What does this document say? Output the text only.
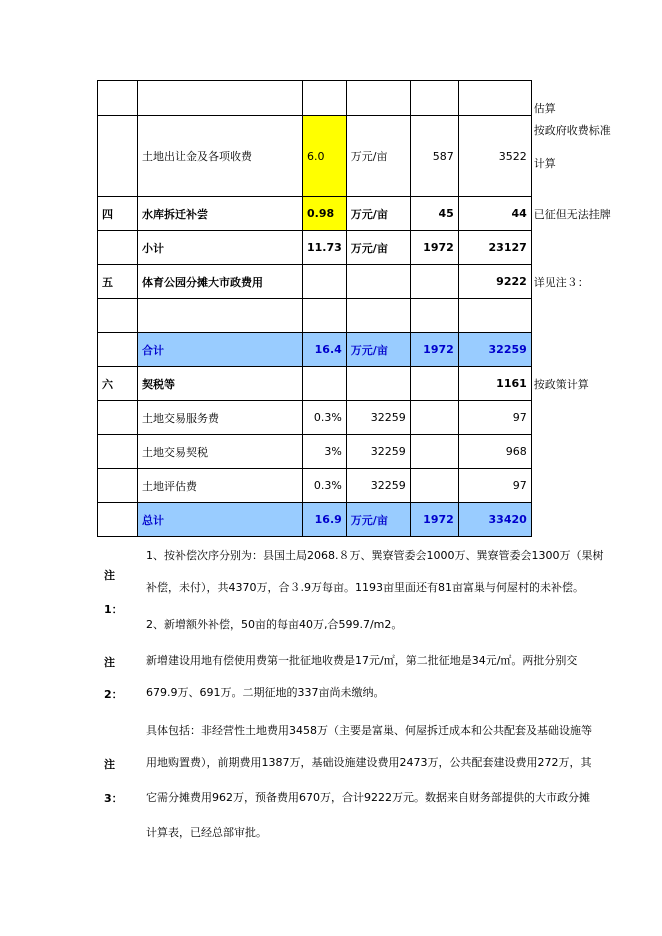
						估算
	土地出让金及各项收费	6.0	万元/亩	587	3522	按政府收费标准
计算

四	水库拆迁补尝	0.98	万元/亩	45	44	已征但无法挂牌
	小计	11.73	万元/亩	1972	23127	
五	体育公园分摊大市政费用				9222	详见注３：

	合计	16.4	万元/亩	1972	32259	
六	契税等				1161	按政策计算
	土地交易服务费	0.3%	32259		97	
	土地交易契税	3%	32259		968	
	土地评估费	0.3%	32259		97	
	总计	16.9	万元/亩	1972	33420	
注
1：
1、按补偿次序分别为：县国土局2068.８万、巽寮管委会1000万、巽寮管委会1300万（果树
补偿，未付），共4370万，合３.9万每亩。1193亩里面还有81亩富巢与何屋村的未补偿。
2、新增额外补偿，50亩的每亩40万,合599.7/m2。
注
2：
新增建设用地有偿使用费第一批征地收费是17元/㎡，第二批征地是34元/㎡。两批分别交
679.9万、691万。二期征地的337亩尚未缴纳。
注
3：
具体包括：非经营性土地费用3458万（主要是富巢、何屋拆迁成本和公共配套及基础设施等
用地购置费），前期费用1387万，基础设施建设费用2473万，公共配套建设费用272万，其
它需分摊费用962万，预备费用670万，合计9222万元。数据来自财务部提供的大市政分摊
计算表，已经总部审批。
